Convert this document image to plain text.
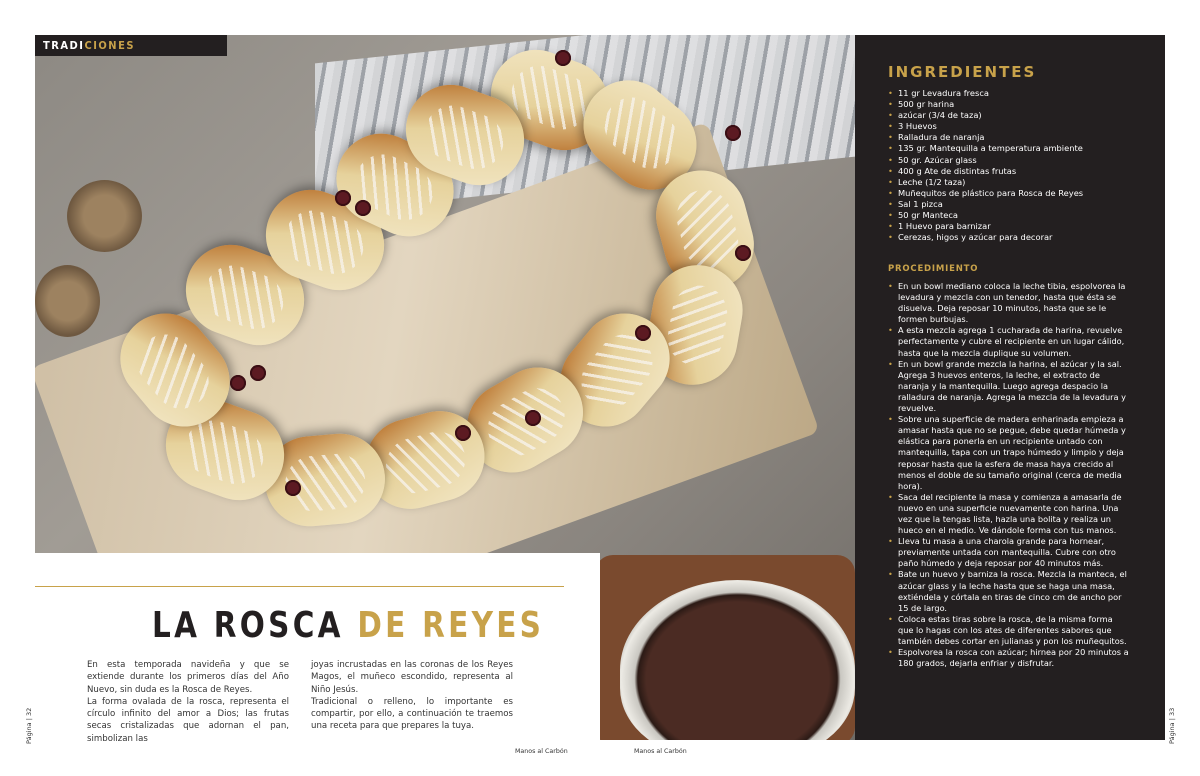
TRADICIONES
INGREDIENTES
• 11 gr Levadura fresca
• 500 gr harina
• azúcar (3/4 de taza)
• 3 Huevos
• Ralladura de naranja
• 135 gr. Mantequilla a temperatura ambiente
• 50 gr. Azúcar glass
• 400 g Ate de distintas frutas
• Leche (1/2 taza)
• Muñequitos de plástico para Rosca de Reyes
• Sal 1 pizca
• 50 gr Manteca
• 1 Huevo para barnizar
• Cerezas, higos y azúcar para decorar
PROCEDIMIENTO
• En un bowl mediano coloca la leche tibia, espolvorea la levadura y mezcla con un tenedor, hasta que ésta se disuelva. Deja reposar 10 minutos, hasta que se le formen burbujas.
• A esta mezcla agrega 1 cucharada de harina, revuelve perfectamente y cubre el recipiente en un lugar cálido, hasta que la mezcla duplique su volumen.
• En un bowl grande mezcla la harina, el azúcar y la sal. Agrega 3 huevos enteros, la leche, el extracto de naranja y la mantequilla. Luego agrega despacio la ralladura de naranja. Agrega la mezcla de la levadura y revuelve.
• Sobre una superficie de madera enharinada empieza a amasar hasta que no se pegue, debe quedar húmeda y elástica para ponerla en un recipiente untado con mantequilla, tapa con un trapo húmedo y limpio y deja reposar hasta que la esfera de masa haya crecido al menos el doble de su tamaño original (cerca de media hora).
• Saca del recipiente la masa y comienza a amasarla de nuevo en una superficie nuevamente con harina. Una vez que la tengas lista, hazla una bolita y realiza un hueco en el medio. Ve dándole forma con tus manos.
• Lleva tu masa a una charola grande para hornear, previamente untada con mantequilla. Cubre con otro paño húmedo y deja reposar por 40 minutos más.
• Bate un huevo y barniza la rosca. Mezcla la manteca, el azúcar glass y la leche hasta que se haga una masa, extiéndela y córtala en tiras de cinco cm de ancho por 15 de largo.
• Coloca estas tiras sobre la rosca, de la misma forma que lo hagas con los ates de diferentes sabores que también debes cortar en julianas y pon los muñequitos.
• Espolvorea la rosca con azúcar; hirnea por 20 minutos a 180 grados, dejarla enfriar y disfrutar.
LA ROSCA DE REYES

En esta temporada navideña y que se extiende durante los primeros días del Año Nuevo, sin duda es la Rosca de Reyes.

La forma ovalada de la rosca, representa el círculo infinito del amor a Dios; las frutas secas cristalizadas que adornan el pan, simbolizan las

joyas incrustadas en las coronas de los Reyes Magos, el muñeco escondido, representa al Niño Jesús.

Tradicional o relleno, lo importante es compartir, por ello, a continuación te traemos una receta para que prepares la tuya.

Página | 32	Página | 33
Manos al Carbón	Manos al Carbón
